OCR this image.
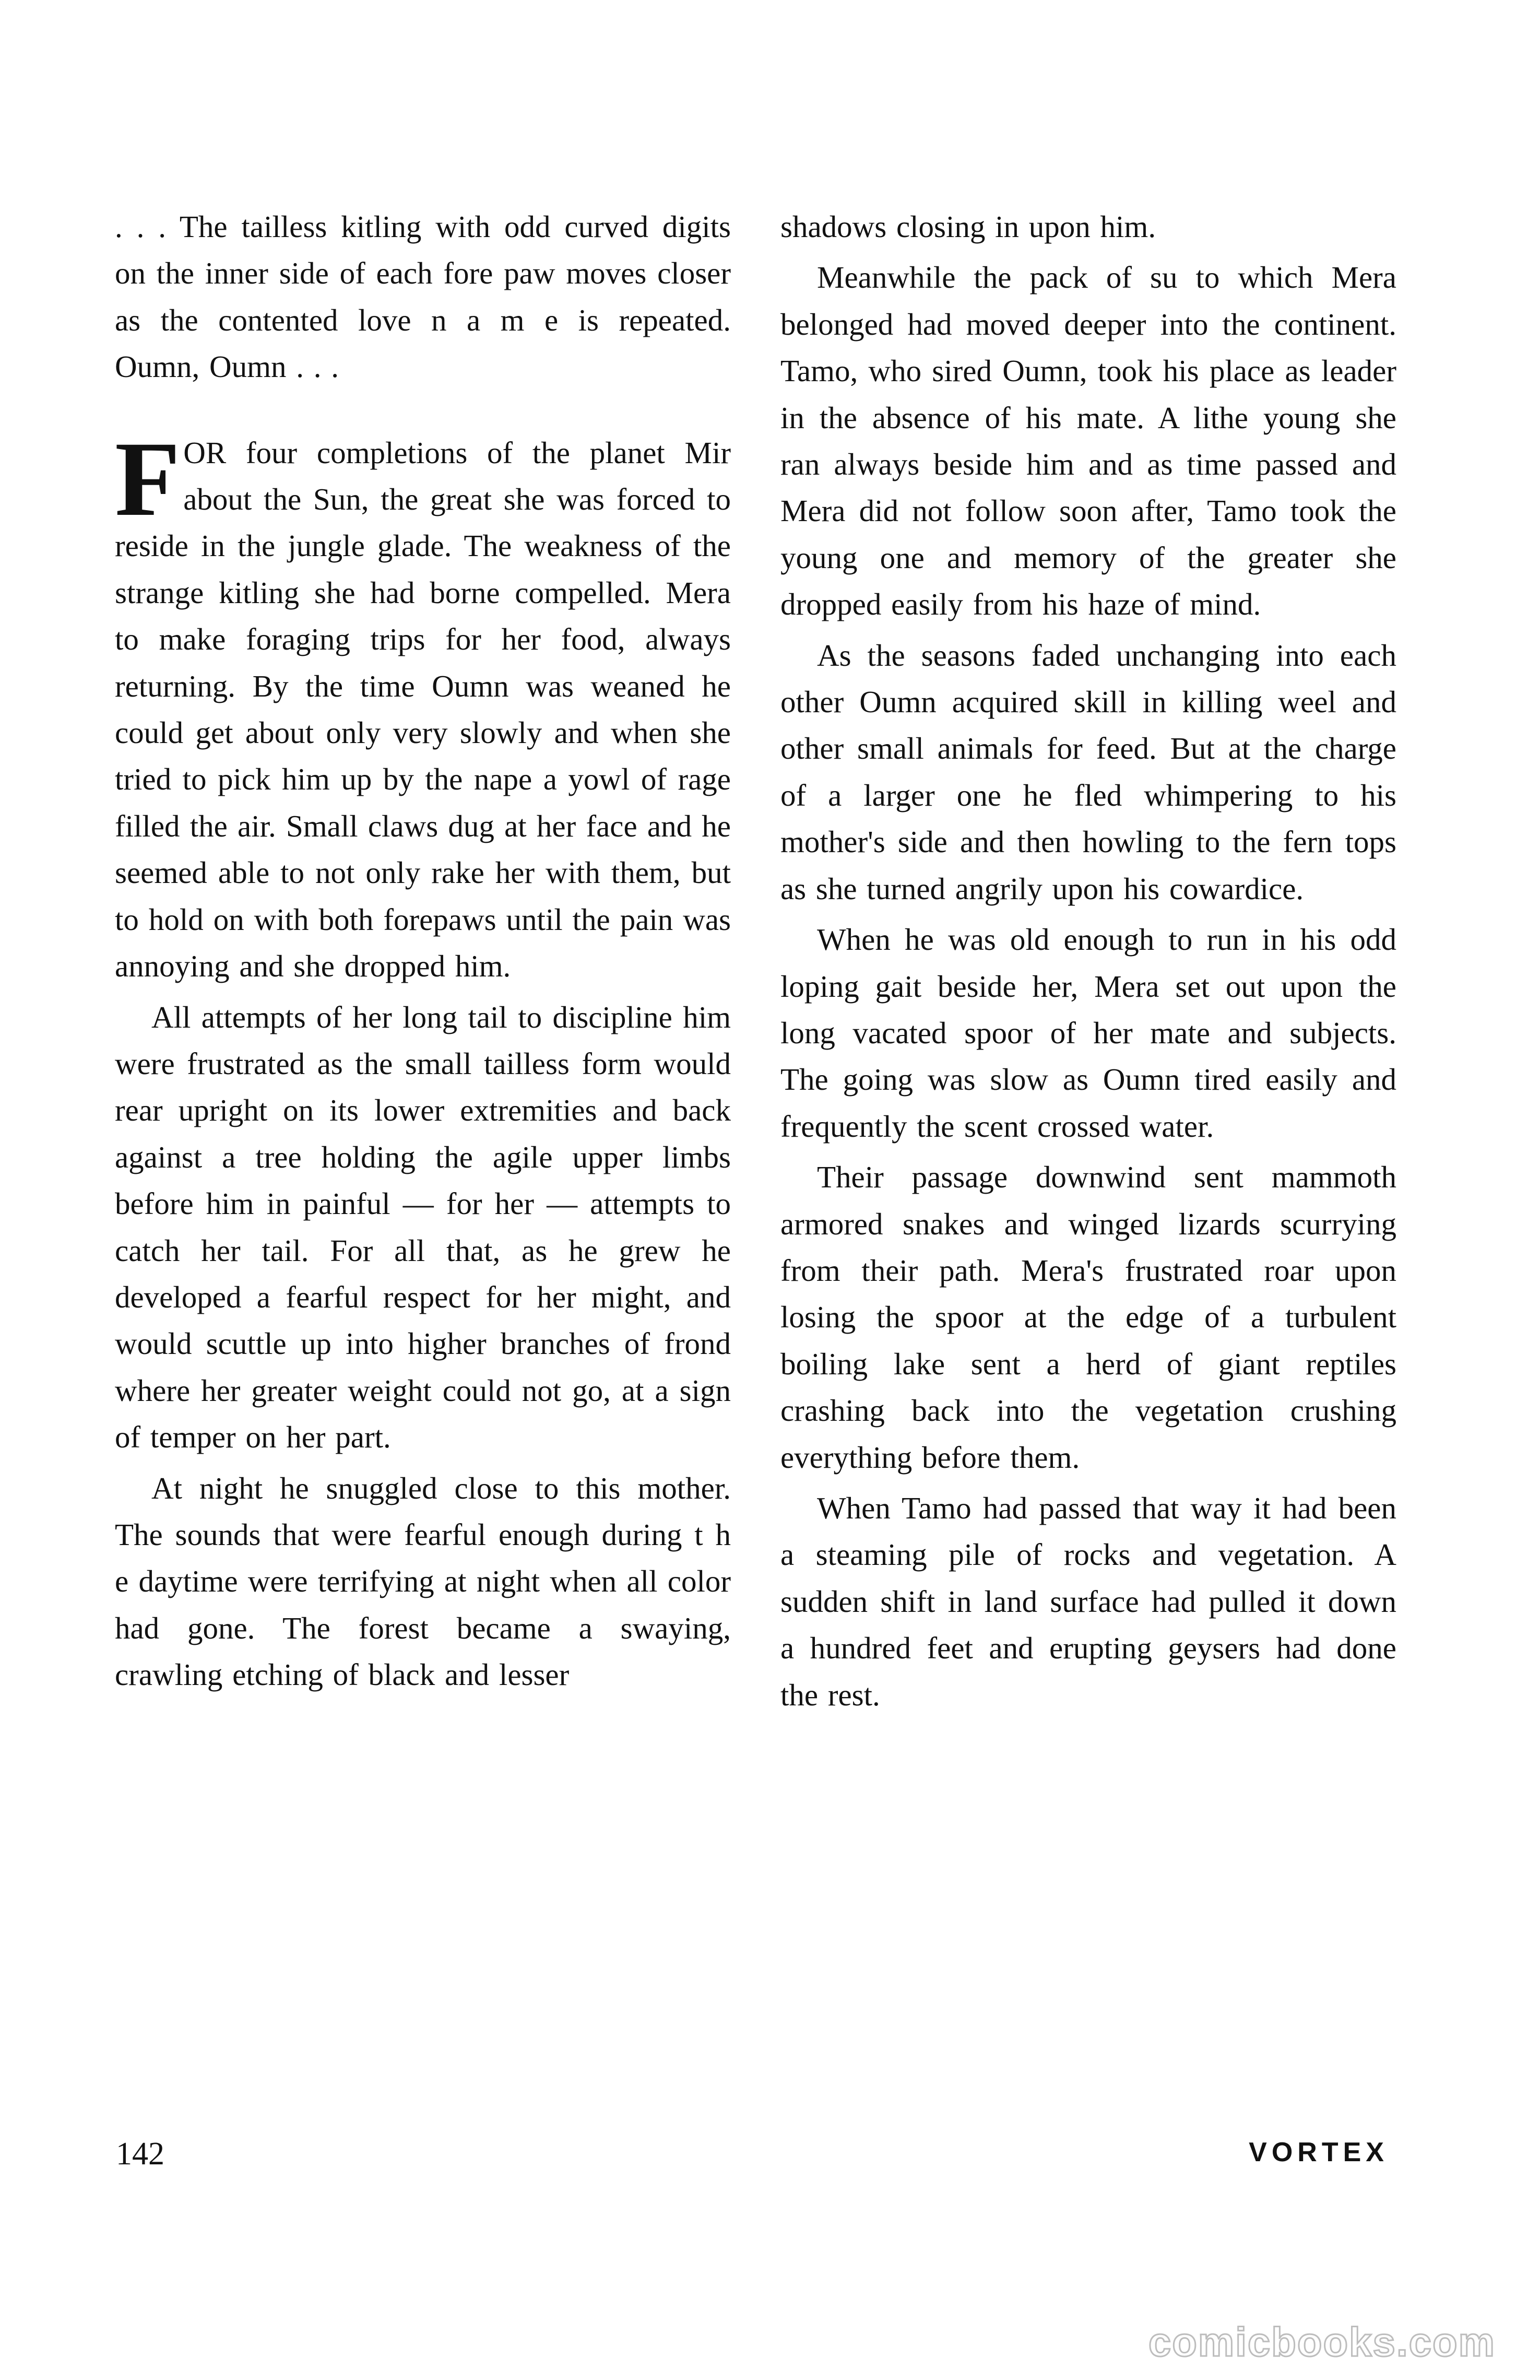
. . . The tailless kitling with odd curved digits on the inner side of each fore paw moves closer as the contented love n a m e is repeated. Oumn, Oumn . . .

FOR four completions of the planet Mir about the Sun, the great she was forced to reside in the jungle glade. The weakness of the strange kitling she had borne compelled. Mera to make foraging trips for her food, always returning. By the time Oumn was weaned he could get about only very slowly and when she tried to pick him up by the nape a yowl of rage filled the air. Small claws dug at her face and he seemed able to not only rake her with them, but to hold on with both forepaws until the pain was annoying and she dropped him.

All attempts of her long tail to discipline him were frustrated as the small tailless form would rear upright on its lower extremities and back against a tree holding the agile upper limbs before him in painful — for her — attempts to catch her tail. For all that, as he grew he developed a fearful respect for her might, and would scuttle up into higher branches of frond where her greater weight could not go, at a sign of temper on her part.

At night he snuggled close to this mother. The sounds that were fearful enough during t h e daytime were terrifying at night when all color had gone. The forest became a swaying, crawling etching of black and lesser

shadows closing in upon him.

Meanwhile the pack of su to which Mera belonged had moved deeper into the continent. Tamo, who sired Oumn, took his place as leader in the absence of his mate. A lithe young she ran always beside him and as time passed and Mera did not follow soon after, Tamo took the young one and memory of the greater she dropped easily from his haze of mind.

As the seasons faded unchanging into each other Oumn acquired skill in killing weel and other small animals for feed. But at the charge of a larger one he fled whimpering to his mother's side and then howling to the fern tops as she turned angrily upon his cowardice.

When he was old enough to run in his odd loping gait beside her, Mera set out upon the long vacated spoor of her mate and subjects. The going was slow as Oumn tired easily and frequently the scent crossed water.

Their passage downwind sent mammoth armored snakes and winged lizards scurrying from their path. Mera's frustrated roar upon losing the spoor at the edge of a turbulent boiling lake sent a herd of giant reptiles crashing back into the vegetation crushing everything before them.

When Tamo had passed that way it had been a steaming pile of rocks and vegetation. A sudden shift in land surface had pulled it down a hundred feet and erupting geysers had done the rest.

142	VORTEX
comicbooks.com
